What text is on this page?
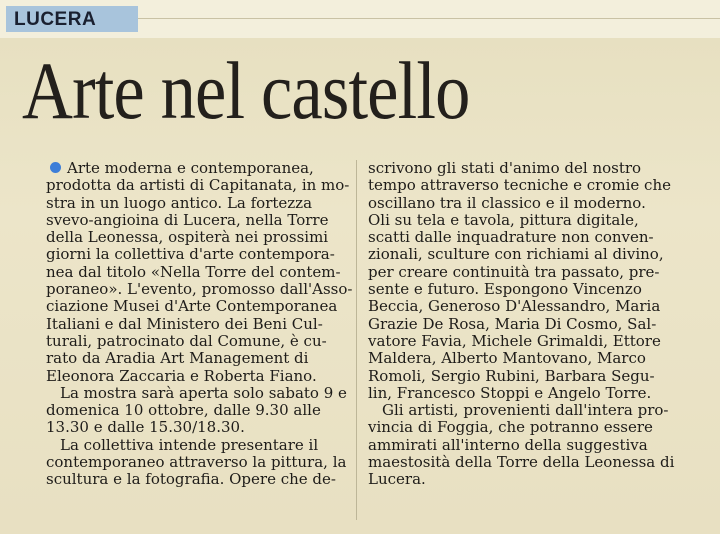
LUCERA
Arte nel castello
Arte moderna e contemporanea,
prodotta da artisti di Capitanata, in mo-
stra in un luogo antico. La fortezza
svevo-angioina di Lucera, nella Torre
della Leonessa, ospiterà nei prossimi
giorni la collettiva d'arte contempora-
nea dal titolo «Nella Torre del contem-
poraneo». L'evento, promosso dall'Asso-
ciazione Musei d'Arte Contemporanea
Italiani e dal Ministero dei Beni Cul-
turali, patrocinato dal Comune, è cu-
rato da Aradia Art Management di
Eleonora Zaccaria e Roberta Fiano.
La mostra sarà aperta solo sabato 9 e
domenica 10 ottobre, dalle 9.30 alle
13.30 e dalle 15.30/18.30.
La collettiva intende presentare il
contemporaneo attraverso la pittura, la
scultura e la fotografia. Opere che de-
scrivono gli stati d'animo del nostro
tempo attraverso tecniche e cromie che
oscillano tra il classico e il moderno.
Oli su tela e tavola, pittura digitale,
scatti dalle inquadrature non conven-
zionali, sculture con richiami al divino,
per creare continuità tra passato, pre-
sente e futuro. Espongono Vincenzo
Beccia, Generoso D'Alessandro, Maria
Grazie De Rosa, Maria Di Cosmo, Sal-
vatore Favia, Michele Grimaldi, Ettore
Maldera, Alberto Mantovano, Marco
Romoli, Sergio Rubini, Barbara Segu-
lin, Francesco Stoppi e Angelo Torre.
Gli artisti, provenienti dall'intera pro-
vincia di Foggia, che potranno essere
ammirati all'interno della suggestiva
maestosità della Torre della Leonessa di
Lucera.
